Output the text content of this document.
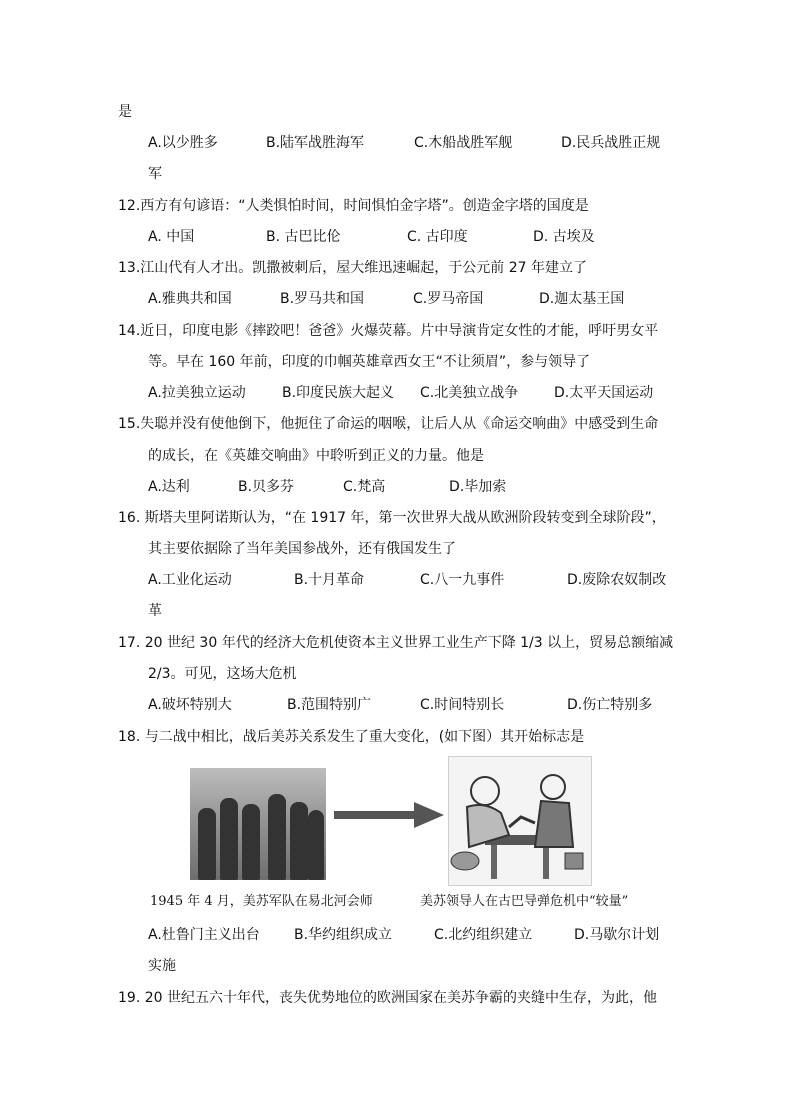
是
A.以少胜多	B.陆军战胜海军	C.木船战胜军舰	D.民兵战胜正规
军
12.西方有句谚语：“人类惧怕时间，时间惧怕金字塔”。创造金字塔的国度是
A. 中国	B. 古巴比伦	C. 古印度	D. 古埃及
13.江山代有人才出。凯撒被刺后，屋大维迅速崛起，于公元前 27 年建立了
A.雅典共和国	B.罗马共和国	C.罗马帝国	D.迦太基王国
14.近日，印度电影《摔跤吧！爸爸》火爆荧幕。片中导演肯定女性的才能，呼吁男女平
等。早在 160 年前，印度的巾帼英雄章西女王“不让须眉”，参与领导了
A.拉美独立运动	B.印度民族大起义 C.北美独立战争	D.太平天国运动
15.失聪并没有使他倒下，他扼住了命运的咽喉，让后人从《命运交响曲》中感受到生命
的成长，在《英雄交响曲》中聆听到正义的力量。他是
A.达利	B.贝多芬	C.梵高	D.毕加索
16. 斯塔夫里阿诺斯认为，“在 1917 年，第一次世界大战从欧洲阶段转变到全球阶段”，
其主要依据除了当年美国参战外，还有俄国发生了
A.工业化运动	B.十月革命	C.八一九事件	D.废除农奴制改
革
17. 20 世纪 30 年代的经济大危机使资本主义世界工业生产下降 1/3 以上，贸易总额缩减
2/3。可见，这场大危机
A.破坏特别大	B.范围特别广	C.时间特别长	D.伤亡特别多
18. 与二战中相比，战后美苏关系发生了重大变化，(如下图）其开始标志是
1945 年 4 月，美苏军队在易北河会师	美苏领导人在古巴导弹危机中“较量”
A.杜鲁门主义出台 B.华约组织成立	C.北约组织建立	D.马歇尔计划
实施
19. 20 世纪五六十年代，丧失优势地位的欧洲国家在美苏争霸的夹缝中生存，为此，他
